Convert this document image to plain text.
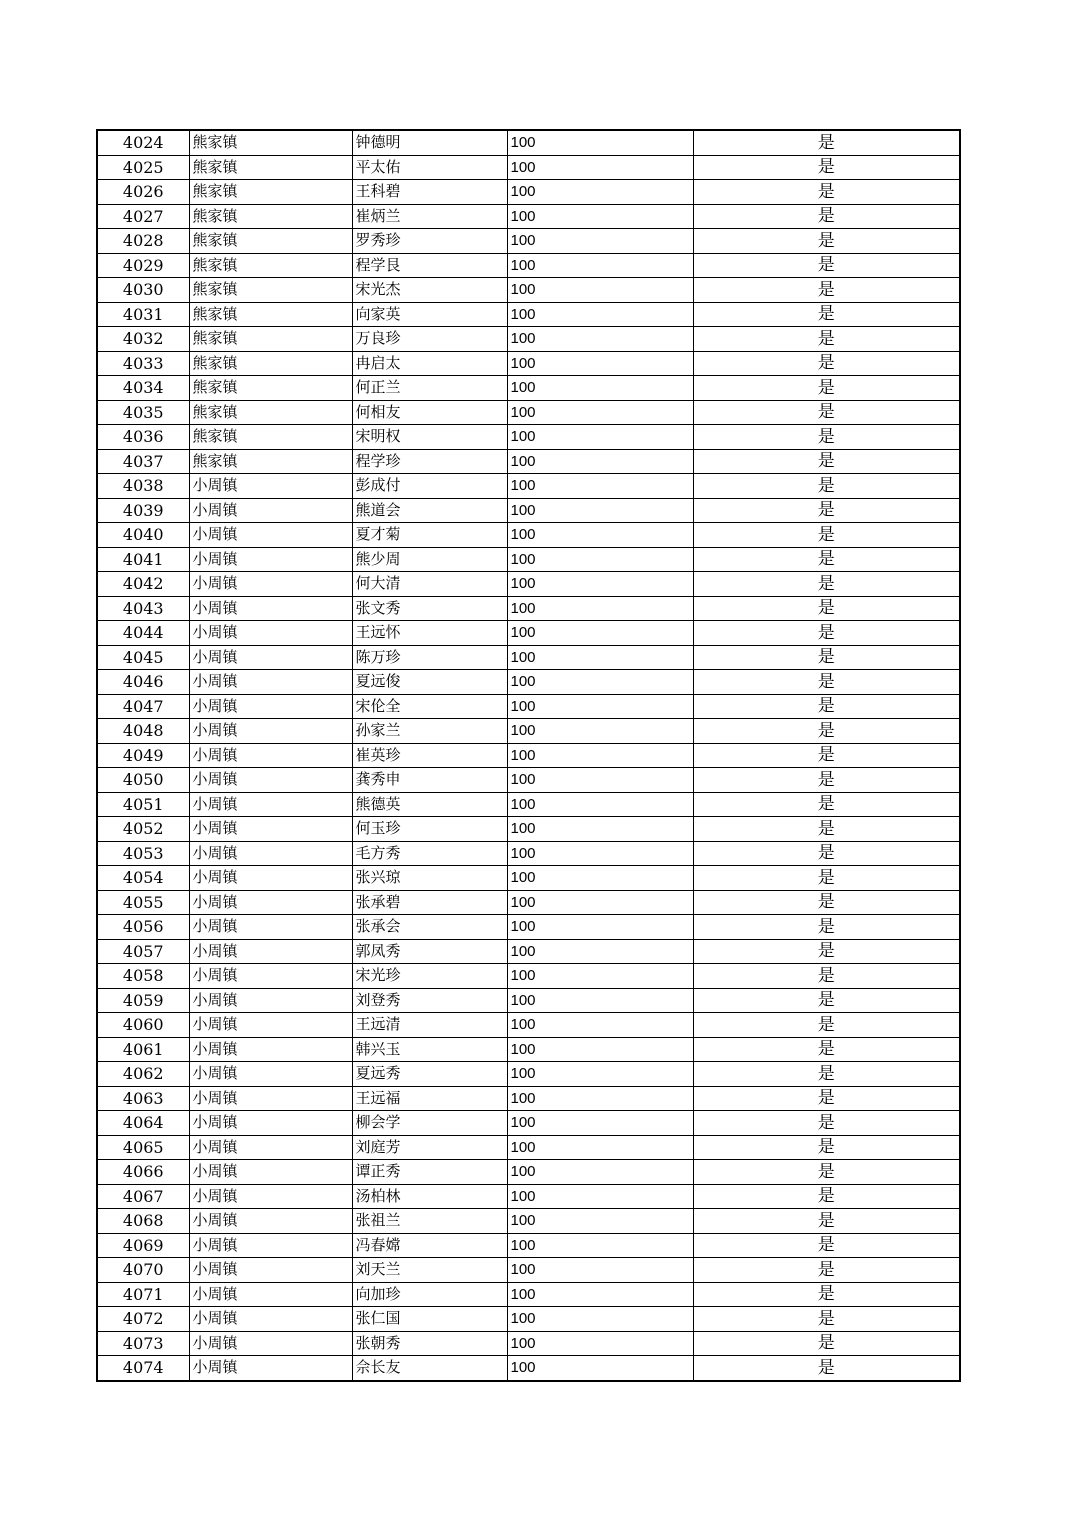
4024	熊家镇	钟德明	100	是
4025	熊家镇	平太佑	100	是
4026	熊家镇	王科碧	100	是
4027	熊家镇	崔炳兰	100	是
4028	熊家镇	罗秀珍	100	是
4029	熊家镇	程学艮	100	是
4030	熊家镇	宋光杰	100	是
4031	熊家镇	向家英	100	是
4032	熊家镇	万良珍	100	是
4033	熊家镇	冉启太	100	是
4034	熊家镇	何正兰	100	是
4035	熊家镇	何相友	100	是
4036	熊家镇	宋明权	100	是
4037	熊家镇	程学珍	100	是
4038	小周镇	彭成付	100	是
4039	小周镇	熊道会	100	是
4040	小周镇	夏才菊	100	是
4041	小周镇	熊少周	100	是
4042	小周镇	何大清	100	是
4043	小周镇	张文秀	100	是
4044	小周镇	王远怀	100	是
4045	小周镇	陈万珍	100	是
4046	小周镇	夏远俊	100	是
4047	小周镇	宋伦全	100	是
4048	小周镇	孙家兰	100	是
4049	小周镇	崔英珍	100	是
4050	小周镇	龚秀申	100	是
4051	小周镇	熊德英	100	是
4052	小周镇	何玉珍	100	是
4053	小周镇	毛方秀	100	是
4054	小周镇	张兴琼	100	是
4055	小周镇	张承碧	100	是
4056	小周镇	张承会	100	是
4057	小周镇	郭凤秀	100	是
4058	小周镇	宋光珍	100	是
4059	小周镇	刘登秀	100	是
4060	小周镇	王远清	100	是
4061	小周镇	韩兴玉	100	是
4062	小周镇	夏远秀	100	是
4063	小周镇	王远福	100	是
4064	小周镇	柳会学	100	是
4065	小周镇	刘庭芳	100	是
4066	小周镇	谭正秀	100	是
4067	小周镇	汤柏林	100	是
4068	小周镇	张祖兰	100	是
4069	小周镇	冯春嫦	100	是
4070	小周镇	刘天兰	100	是
4071	小周镇	向加珍	100	是
4072	小周镇	张仁国	100	是
4073	小周镇	张朝秀	100	是
4074	小周镇	佘长友	100	是
